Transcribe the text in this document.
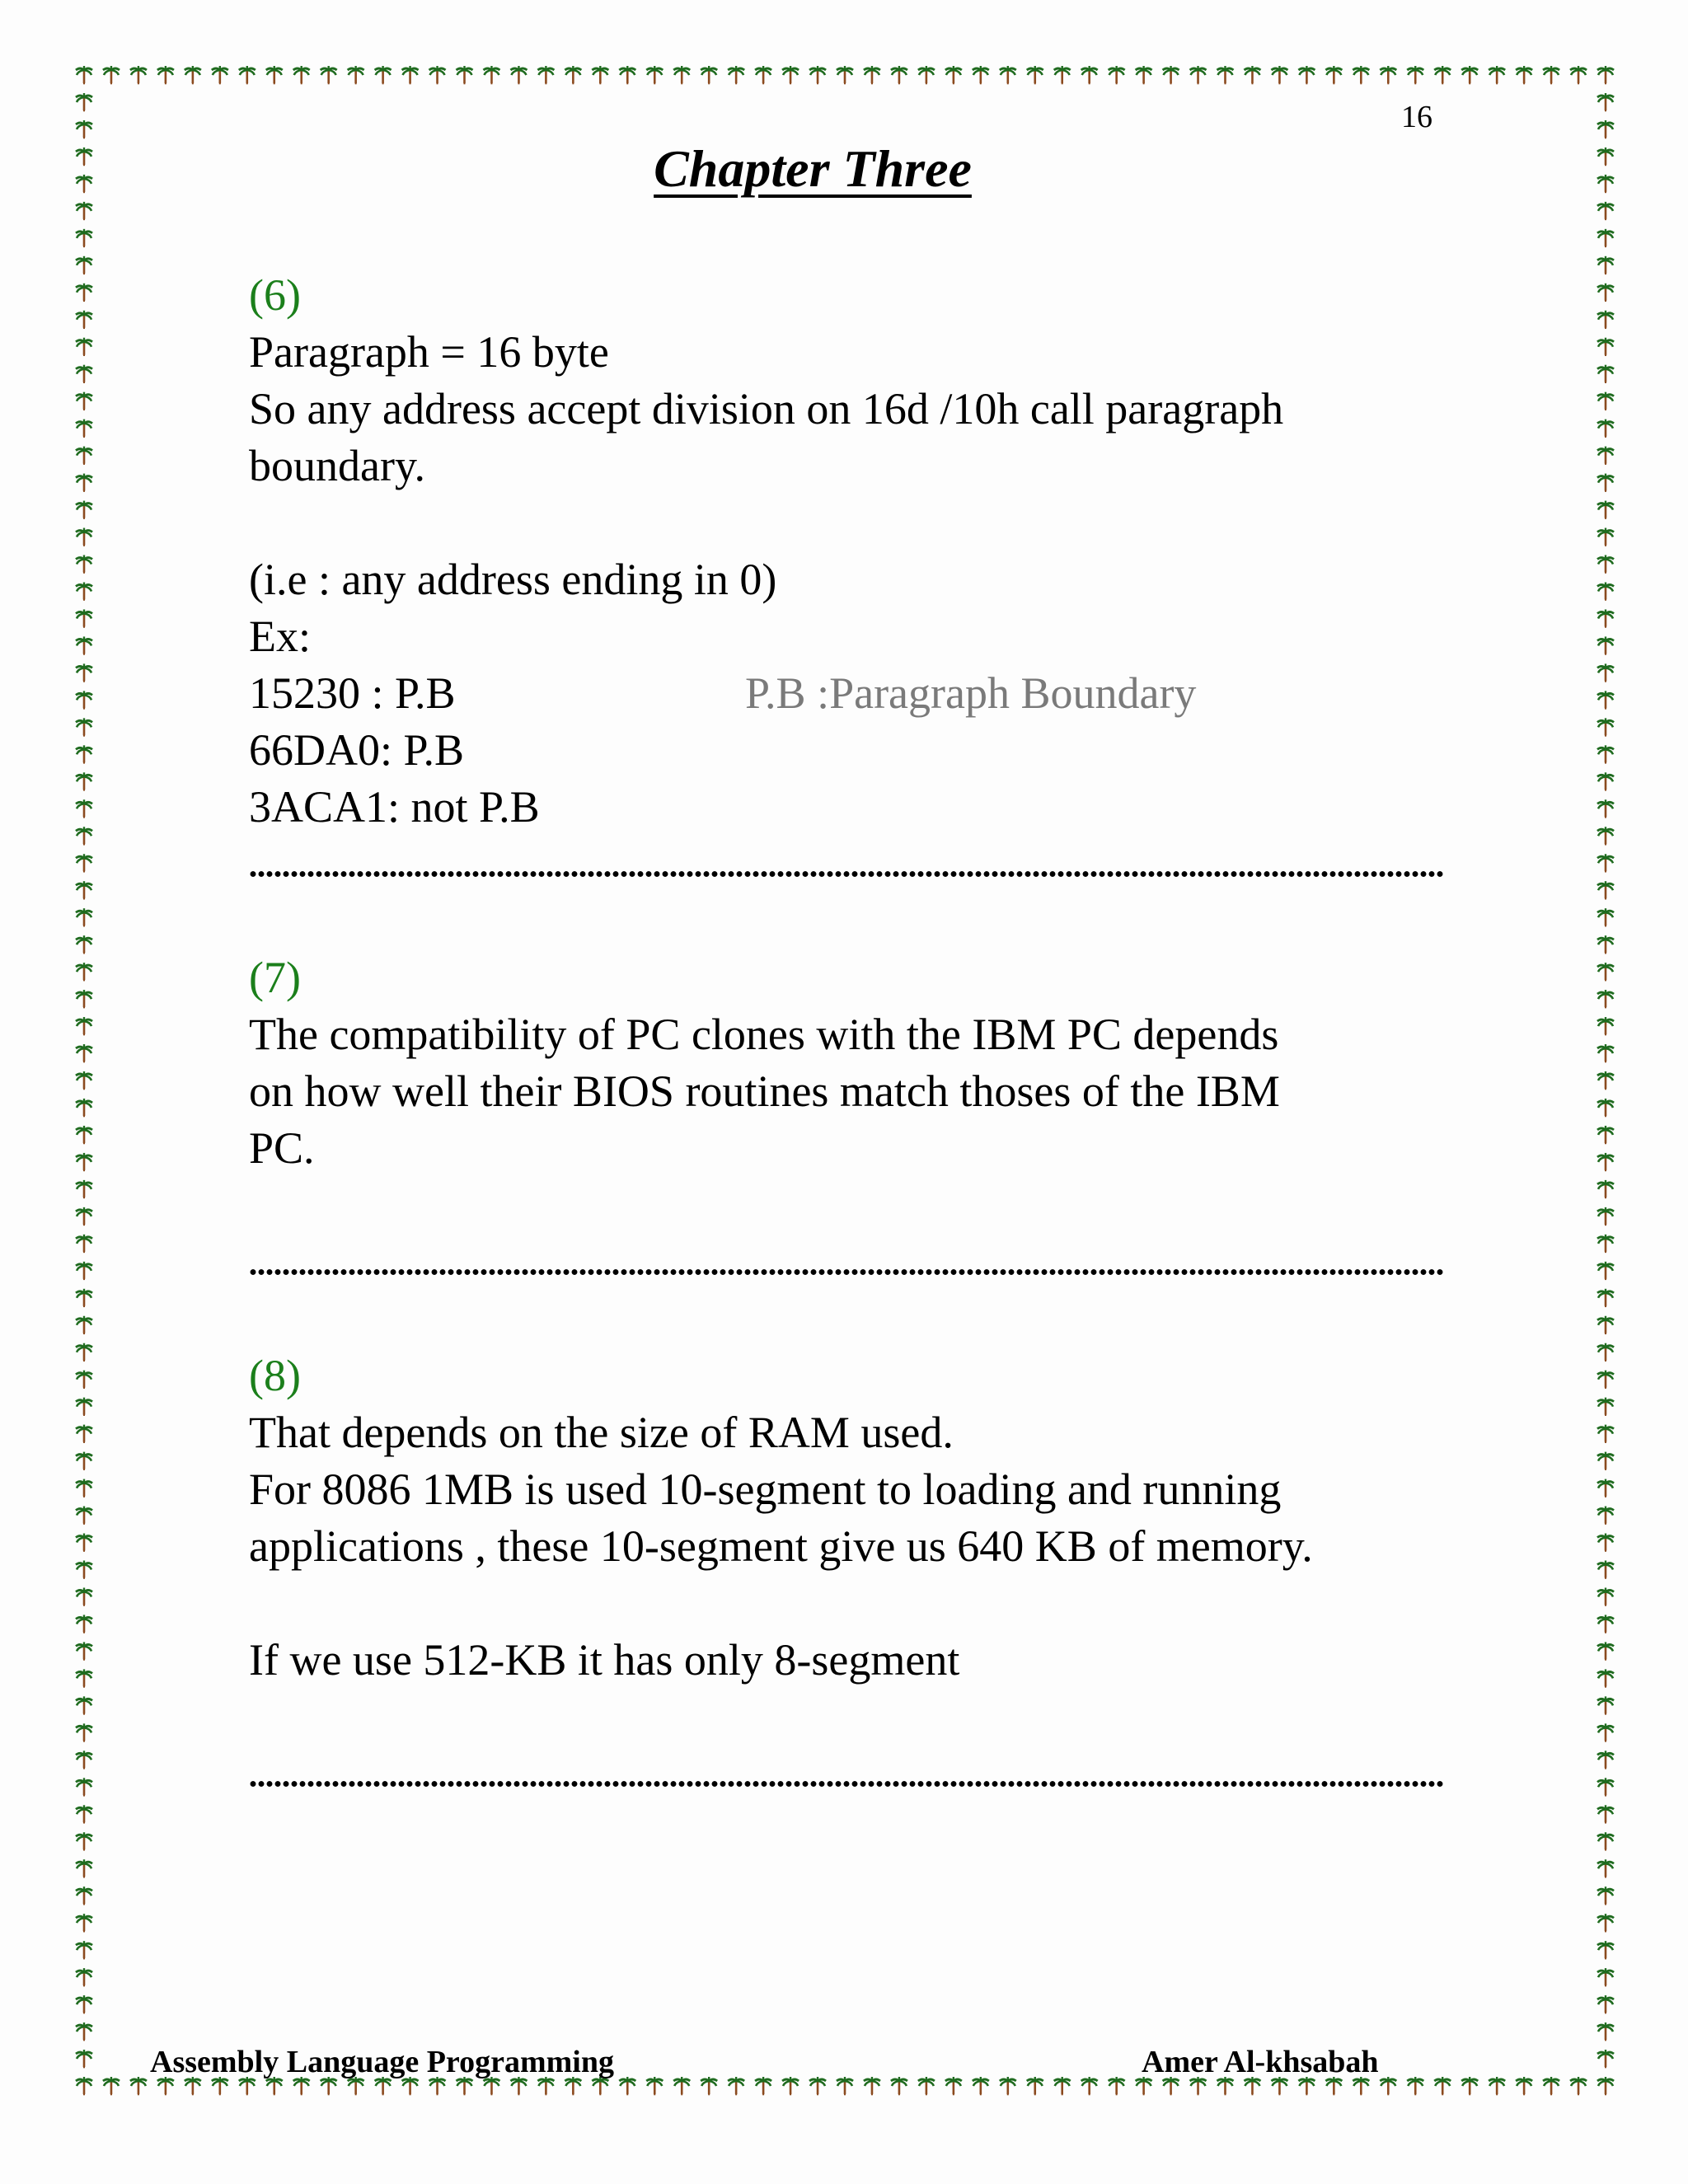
16
Chapter Three
(6)
Paragraph = 16 byte
So any address accept division on 16d /10h call paragraph
boundary.
(i.e : any address ending in 0)
Ex:
15230 : P.B	P.B :Paragraph Boundary
66DA0: P.B
3ACA1: not P.B
(7)
The compatibility of PC clones with the IBM PC depends
on how well their BIOS routines match thoses of the IBM
PC.
(8)
That depends on the size of RAM used.
For 8086 1MB is used 10-segment to loading and running
applications , these 10-segment give us 640 KB of memory.
If we use 512-KB it has only 8-segment
Assembly Language Programming	Amer Al-khsabah
